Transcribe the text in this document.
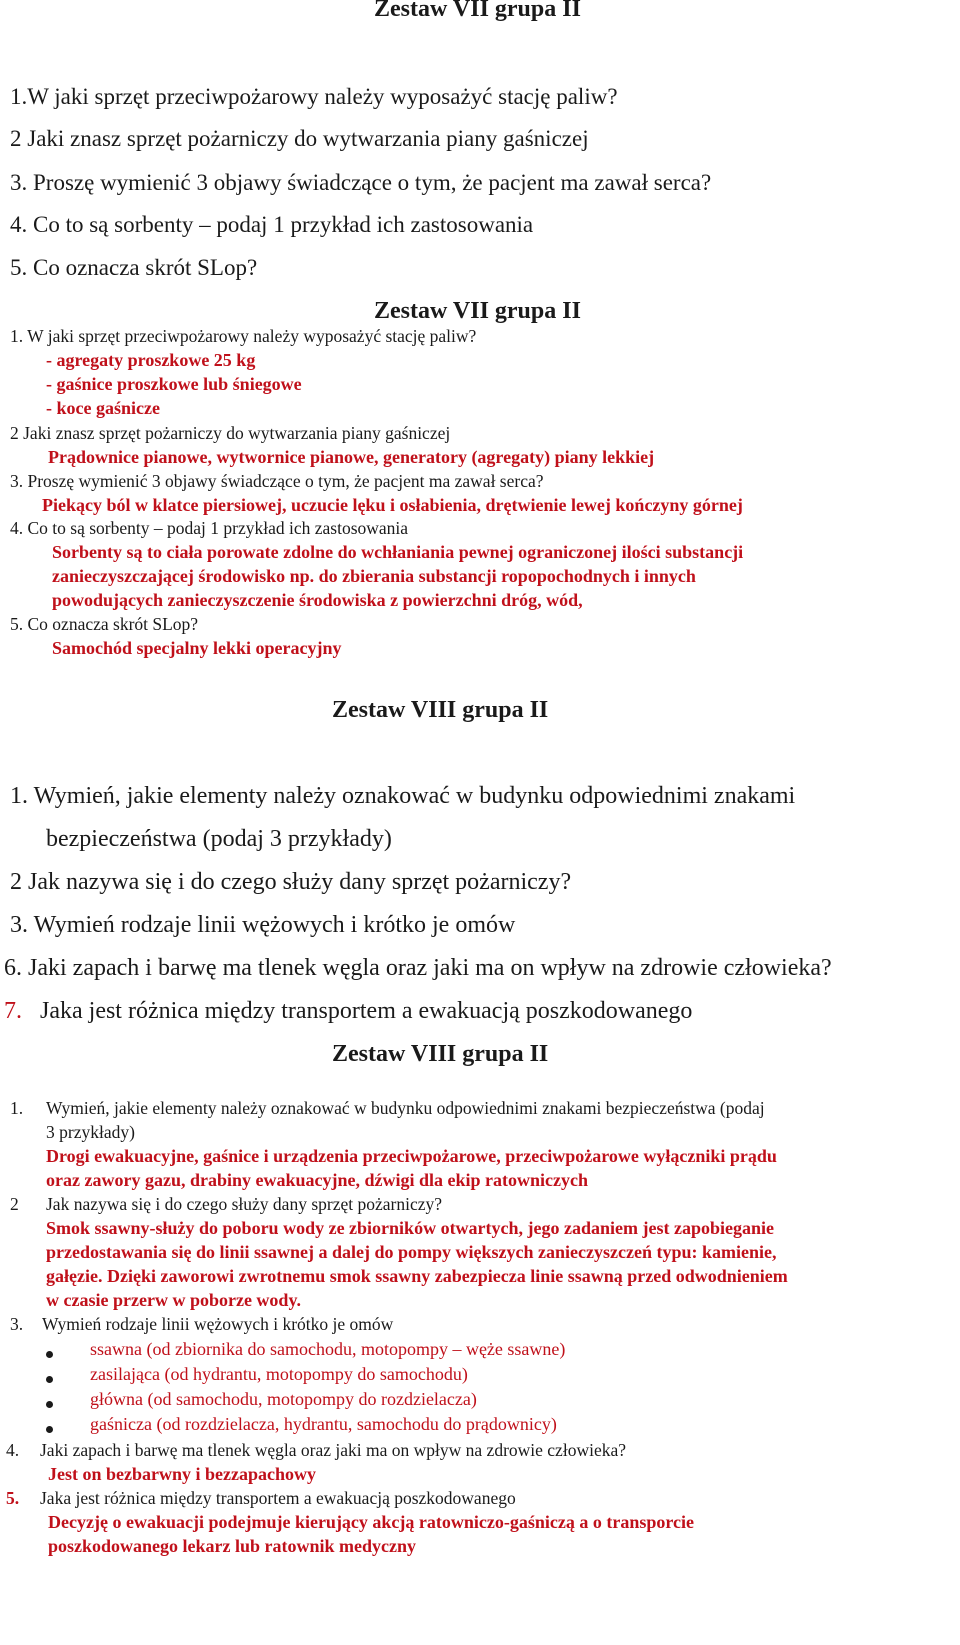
Zestaw VII grupa II
1.W jaki sprzęt przeciwpożarowy należy wyposażyć stację paliw?
2 Jaki znasz sprzęt pożarniczy do wytwarzania piany gaśniczej
3. Proszę wymienić 3 objawy świadczące o tym, że pacjent ma zawał serca?
4. Co to są sorbenty – podaj 1 przykład ich zastosowania
5. Co oznacza skrót SLop?
Zestaw VII grupa II
1. W jaki sprzęt przeciwpożarowy należy wyposażyć stację paliw?
- agregaty proszkowe 25 kg
- gaśnice proszkowe lub śniegowe
- koce gaśnicze
2 Jaki znasz sprzęt pożarniczy do wytwarzania piany gaśniczej
Prądownice pianowe, wytwornice pianowe, generatory (agregaty) piany lekkiej
3. Proszę wymienić 3 objawy świadczące o tym, że pacjent ma zawał serca?
Piekący ból w klatce piersiowej, uczucie lęku i osłabienia, drętwienie lewej kończyny górnej
4. Co to są sorbenty – podaj 1 przykład ich zastosowania
Sorbenty są to ciała porowate zdolne do wchłaniania pewnej ograniczonej ilości substancji
zanieczyszczającej środowisko np. do zbierania substancji ropopochodnych i innych
powodujących zanieczyszczenie środowiska z powierzchni dróg, wód,
5. Co oznacza skrót SLop?
Samochód specjalny lekki operacyjny
Zestaw VIII grupa II
1. Wymień, jakie elementy należy oznakować w budynku odpowiednimi znakami
bezpieczeństwa (podaj 3 przykłady)
2 Jak nazywa się i do czego służy dany sprzęt pożarniczy?
3. Wymień rodzaje linii wężowych i krótko je omów
6. Jaki zapach i barwę ma tlenek węgla oraz jaki ma on wpływ na zdrowie człowieka?
7. Jaka jest różnica między transportem a ewakuacją poszkodowanego
Zestaw VIII grupa II
1. Wymień, jakie elementy należy oznakować w budynku odpowiednimi znakami bezpieczeństwa (podaj
3 przykłady)
Drogi ewakuacyjne, gaśnice i urządzenia przeciwpożarowe, przeciwpożarowe wyłączniki prądu
oraz zawory gazu, drabiny ewakuacyjne, dźwigi dla ekip ratowniczych
2 Jak nazywa się i do czego służy dany sprzęt pożarniczy?
Smok ssawny-służy do poboru wody ze zbiorników otwartych, jego zadaniem jest zapobieganie
przedostawania się do linii ssawnej a dalej do pompy większych zanieczyszczeń typu: kamienie,
gałęzie. Dzięki zaworowi zwrotnemu smok ssawny zabezpiecza linie ssawną przed odwodnieniem
w czasie przerw w poborze wody.
3. Wymień rodzaje linii wężowych i krótko je omów
ssawna (od zbiornika do samochodu, motopompy – węże ssawne)
zasilająca (od hydrantu, motopompy do samochodu)
główna (od samochodu, motopompy do rozdzielacza)
gaśnicza (od rozdzielacza, hydrantu, samochodu do prądownicy)
4. Jaki zapach i barwę ma tlenek węgla oraz jaki ma on wpływ na zdrowie człowieka?
Jest on bezbarwny i bezzapachowy
5. Jaka jest różnica między transportem a ewakuacją poszkodowanego
Decyzję o ewakuacji podejmuje kierujący akcją ratowniczo-gaśniczą a o transporcie
poszkodowanego lekarz lub ratownik medyczny
